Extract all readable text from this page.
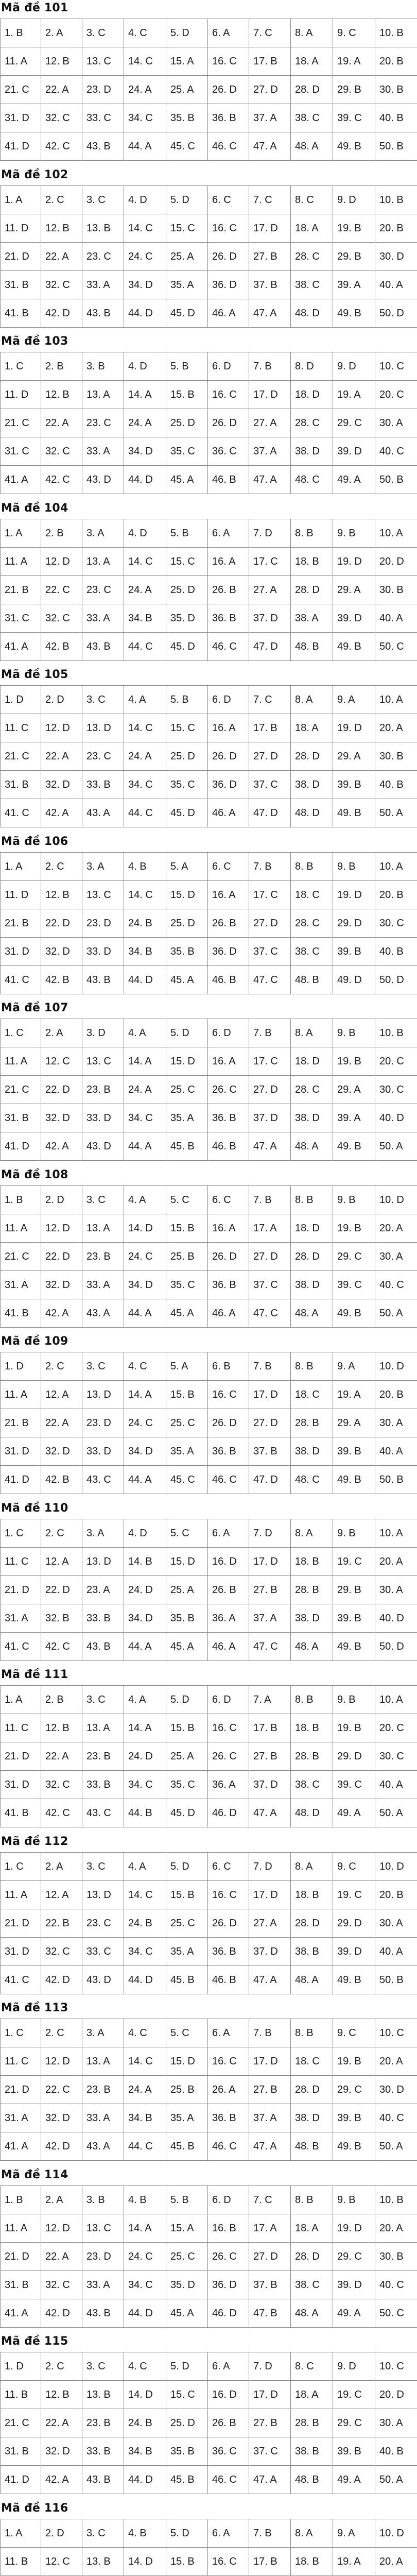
Mã đề 101
1. B	2. A	3. C	4. C	5. D	6. A	7. C	8. A	9. C	10. B
11. A	12. B	13. C	14. C	15. A	16. C	17. B	18. A	19. A	20. B
21. C	22. A	23. D	24. A	25. A	26. D	27. D	28. D	29. B	30. B
31. D	32. C	33. C	34. C	35. B	36. B	37. A	38. C	39. C	40. B
41. D	42. C	43. B	44. A	45. C	46. C	47. A	48. A	49. B	50. B
Mã đề 102
1. A	2. C	3. C	4. D	5. D	6. C	7. C	8. C	9. D	10. B
11. D	12. B	13. B	14. C	15. C	16. C	17. D	18. A	19. B	20. B
21. D	22. A	23. C	24. C	25. A	26. D	27. B	28. C	29. B	30. D
31. B	32. C	33. A	34. D	35. A	36. D	37. B	38. C	39. A	40. A
41. B	42. D	43. B	44. D	45. D	46. A	47. A	48. D	49. B	50. D
Mã đề 103
1. C	2. B	3. B	4. D	5. B	6. D	7. B	8. D	9. D	10. C
11. D	12. B	13. A	14. A	15. B	16. C	17. D	18. D	19. A	20. C
21. C	22. A	23. C	24. A	25. D	26. D	27. A	28. C	29. C	30. A
31. C	32. C	33. A	34. D	35. C	36. C	37. A	38. D	39. D	40. C
41. A	42. C	43. D	44. D	45. A	46. B	47. A	48. C	49. A	50. B
Mã đề 104
1. A	2. B	3. A	4. D	5. B	6. A	7. D	8. B	9. B	10. A
11. A	12. D	13. A	14. C	15. C	16. A	17. C	18. B	19. D	20. D
21. B	22. C	23. C	24. A	25. D	26. B	27. A	28. D	29. A	30. B
31. C	32. C	33. A	34. B	35. D	36. B	37. D	38. A	39. D	40. A
41. A	42. B	43. B	44. C	45. D	46. C	47. D	48. B	49. B	50. C
Mã đề 105
1. D	2. D	3. C	4. A	5. B	6. D	7. C	8. A	9. A	10. A
11. C	12. D	13. D	14. C	15. C	16. A	17. B	18. A	19. D	20. A
21. C	22. A	23. C	24. A	25. D	26. D	27. D	28. D	29. A	30. B
31. B	32. D	33. B	34. C	35. C	36. D	37. C	38. D	39. B	40. B
41. C	42. A	43. A	44. C	45. D	46. A	47. D	48. D	49. B	50. A
Mã đề 106
1. A	2. C	3. A	4. B	5. A	6. C	7. B	8. B	9. B	10. A
11. D	12. B	13. C	14. C	15. D	16. A	17. C	18. C	19. D	20. B
21. B	22. D	23. D	24. B	25. D	26. B	27. D	28. C	29. D	30. C
31. D	32. D	33. D	34. B	35. B	36. D	37. C	38. C	39. B	40. B
41. C	42. B	43. B	44. D	45. A	46. B	47. C	48. B	49. D	50. D
Mã đề 107
1. C	2. A	3. D	4. A	5. D	6. D	7. B	8. A	9. B	10. B
11. A	12. C	13. C	14. A	15. D	16. A	17. C	18. D	19. B	20. C
21. C	22. D	23. B	24. A	25. C	26. C	27. D	28. C	29. A	30. C
31. B	32. D	33. D	34. C	35. A	36. B	37. D	38. D	39. A	40. D
41. D	42. A	43. D	44. A	45. B	46. B	47. A	48. A	49. B	50. A
Mã đề 108
1. B	2. D	3. C	4. A	5. C	6. C	7. B	8. B	9. B	10. D
11. A	12. D	13. A	14. D	15. B	16. A	17. A	18. D	19. B	20. A
21. C	22. D	23. B	24. C	25. B	26. D	27. D	28. D	29. C	30. A
31. A	32. D	33. A	34. D	35. C	36. B	37. C	38. D	39. C	40. C
41. B	42. A	43. A	44. A	45. A	46. A	47. C	48. A	49. B	50. A
Mã đề 109
1. D	2. C	3. C	4. C	5. A	6. B	7. B	8. B	9. A	10. D
11. A	12. A	13. D	14. A	15. B	16. C	17. D	18. C	19. A	20. B
21. B	22. A	23. D	24. C	25. C	26. D	27. D	28. B	29. A	30. A
31. D	32. D	33. D	34. D	35. A	36. B	37. B	38. D	39. B	40. A
41. D	42. B	43. C	44. A	45. C	46. C	47. D	48. C	49. B	50. B
Mã đề 110
1. C	2. C	3. A	4. D	5. C	6. A	7. D	8. A	9. B	10. A
11. C	12. A	13. D	14. B	15. D	16. D	17. D	18. B	19. C	20. A
21. D	22. D	23. A	24. D	25. A	26. B	27. B	28. B	29. B	30. A
31. A	32. B	33. B	34. D	35. B	36. A	37. A	38. D	39. B	40. D
41. C	42. C	43. B	44. A	45. A	46. A	47. C	48. A	49. B	50. D
Mã đề 111
1. A	2. B	3. C	4. A	5. D	6. D	7. A	8. B	9. B	10. A
11. C	12. B	13. A	14. A	15. B	16. C	17. B	18. B	19. B	20. C
21. D	22. A	23. B	24. D	25. A	26. C	27. B	28. B	29. D	30. C
31. D	32. C	33. B	34. C	35. C	36. A	37. D	38. C	39. C	40. A
41. B	42. C	43. C	44. B	45. D	46. D	47. A	48. D	49. A	50. A
Mã đề 112
1. C	2. A	3. C	4. A	5. D	6. C	7. D	8. A	9. C	10. D
11. A	12. A	13. D	14. C	15. B	16. C	17. D	18. B	19. C	20. B
21. D	22. B	23. C	24. B	25. C	26. D	27. A	28. D	29. D	30. A
31. D	32. C	33. C	34. C	35. A	36. B	37. D	38. B	39. D	40. A
41. C	42. D	43. D	44. D	45. B	46. B	47. A	48. A	49. B	50. B
Mã đề 113
1. C	2. C	3. A	4. C	5. C	6. A	7. B	8. B	9. C	10. C
11. C	12. D	13. A	14. C	15. D	16. C	17. D	18. C	19. B	20. A
21. D	22. C	23. B	24. A	25. B	26. A	27. B	28. D	29. C	30. D
31. A	32. D	33. A	34. B	35. A	36. B	37. A	38. D	39. B	40. C
41. A	42. D	43. A	44. C	45. B	46. C	47. A	48. B	49. B	50. A
Mã đề 114
1. B	2. A	3. B	4. B	5. B	6. D	7. C	8. B	9. B	10. B
11. A	12. D	13. C	14. A	15. A	16. B	17. A	18. A	19. D	20. A
21. D	22. A	23. D	24. C	25. C	26. C	27. D	28. D	29. C	30. B
31. B	32. C	33. A	34. C	35. D	36. D	37. B	38. C	39. D	40. C
41. A	42. D	43. B	44. D	45. A	46. D	47. B	48. A	49. A	50. C
Mã đề 115
1. D	2. C	3. C	4. C	5. D	6. A	7. D	8. C	9. D	10. C
11. B	12. B	13. B	14. D	15. C	16. D	17. D	18. A	19. C	20. D
21. C	22. A	23. B	24. B	25. D	26. B	27. B	28. B	29. C	30. A
31. B	32. D	33. B	34. B	35. B	36. C	37. C	38. B	39. B	40. B
41. D	42. A	43. B	44. D	45. B	46. C	47. A	48. B	49. A	50. A
Mã đề 116
1. A	2. D	3. C	4. B	5. D	6. A	7. B	8. A	9. A	10. D
11. B	12. C	13. B	14. D	15. B	16. C	17. B	18. B	19. A	20. A
